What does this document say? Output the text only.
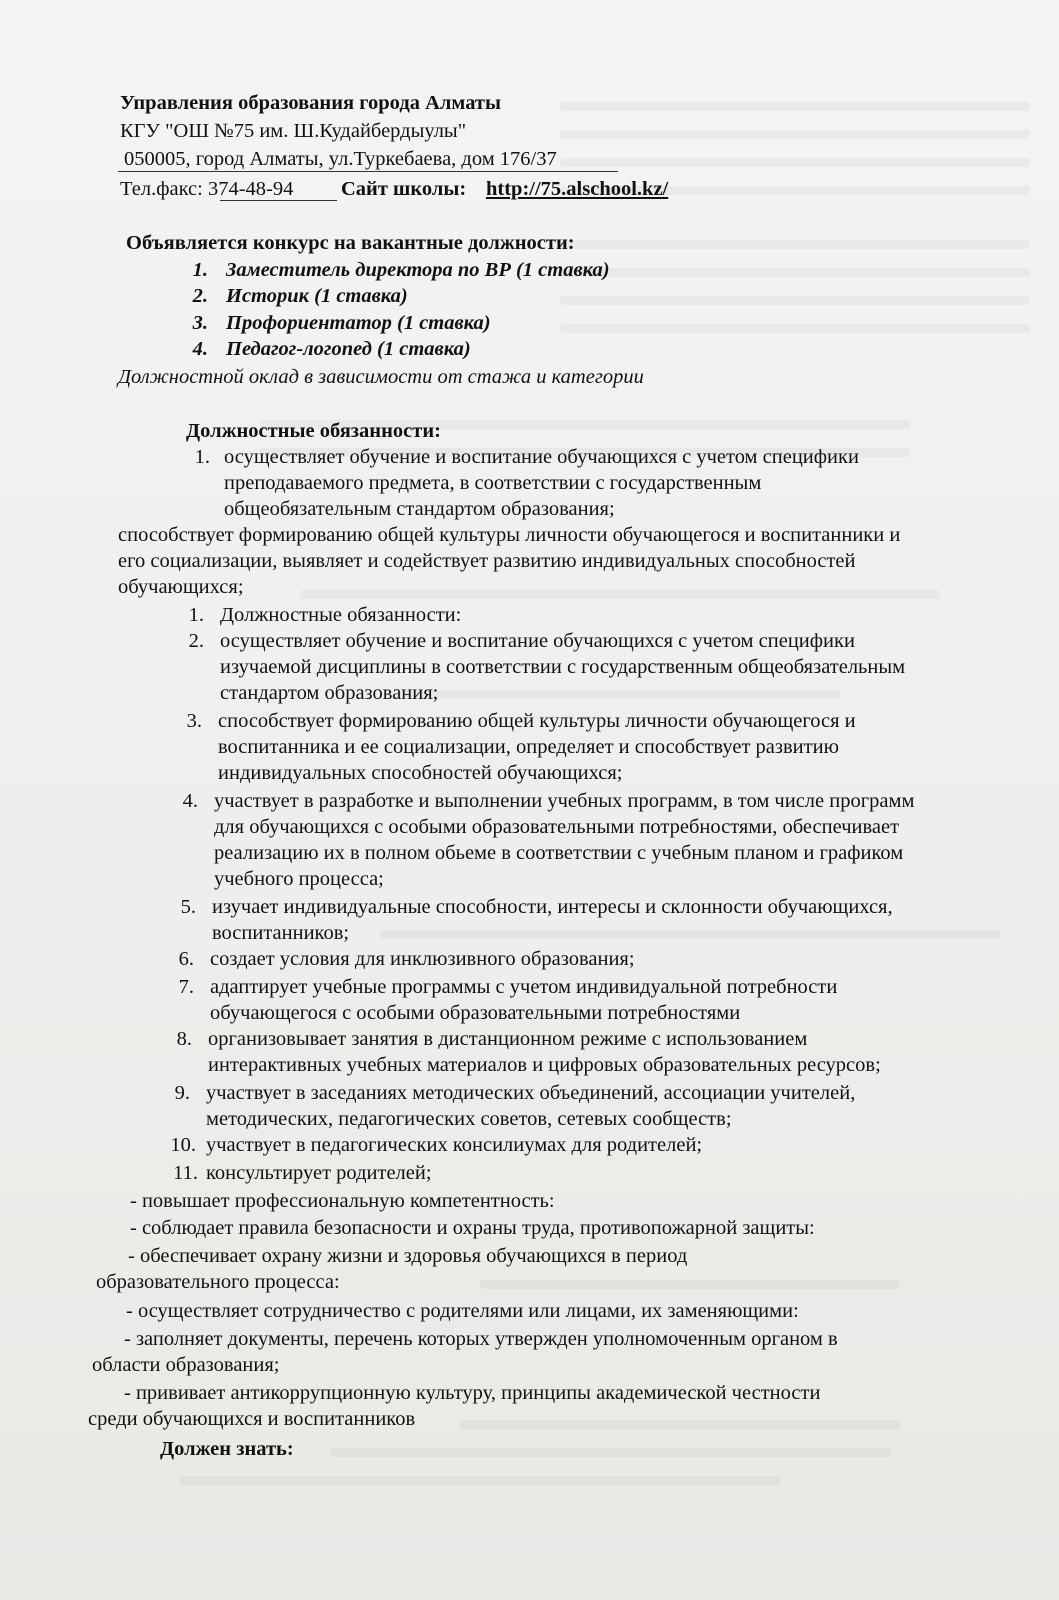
Управления образования города Алматы
КГУ "ОШ №75 им. Ш.Кудайбердыулы"
050005, город Алматы, ул.Туркебаева, дом 176/37
Тел.факс: 374-48-94 Сайт школы: http://75.alschool.kz/
Объявляется конкурс на вакантные должности:
1. Заместитель директора по ВР (1 ставка)
2. Историк (1 ставка)
3. Профориентатор (1 ставка)
4. Педагог-логопед (1 ставка)
Должностной оклад в зависимости от стажа и категории
Должностные обязанности:
1. осуществляет обучение и воспитание обучающихся с учетом специфики
преподаваемого предмета, в соответствии с государственным
общеобязательным стандартом образования;
способствует формированию общей культуры личности обучающегося и воспитанники и
его социализации, выявляет и содействует развитию индивидуальных способностей
обучающихся;
1. Должностные обязанности:
2. осуществляет обучение и воспитание обучающихся с учетом специфики
изучаемой дисциплины в соответствии с государственным общеобязательным
стандартом образования;
3. способствует формированию общей культуры личности обучающегося и
воспитанника и ее социализации, определяет и способствует развитию
индивидуальных способностей обучающихся;
4. участвует в разработке и выполнении учебных программ, в том числе программ
для обучающихся с особыми образовательными потребностями, обеспечивает
реализацию их в полном обьеме в соответствии с учебным планом и графиком
учебного процесса;
5. изучает индивидуальные способности, интересы и склонности обучающихся,
воспитанников;
6. создает условия для инклюзивного образования;
7. адаптирует учебные программы с учетом индивидуальной потребности
обучающегося с особыми образовательными потребностями
8. организовывает занятия в дистанционном режиме с использованием
интерактивных учебных материалов и цифровых образовательных ресурсов;
9. участвует в заседаниях методических объединений, ассоциации учителей,
методических, педагогических советов, сетевых сообществ;
10. участвует в педагогических консилиумах для родителей;
11. консультирует родителей;
- повышает профессиональную компетентность:
- соблюдает правила безопасности и охраны труда, противопожарной защиты:
- обеспечивает охрану жизни и здоровья обучающихся в период
образовательного процесса:
- осуществляет сотрудничество с родителями или лицами, их заменяющими:
- заполняет документы, перечень которых утвержден уполномоченным органом в
области образования;
- прививает антикоррупционную культуру, принципы академической честности
среди обучающихся и воспитанников
Должен знать:
